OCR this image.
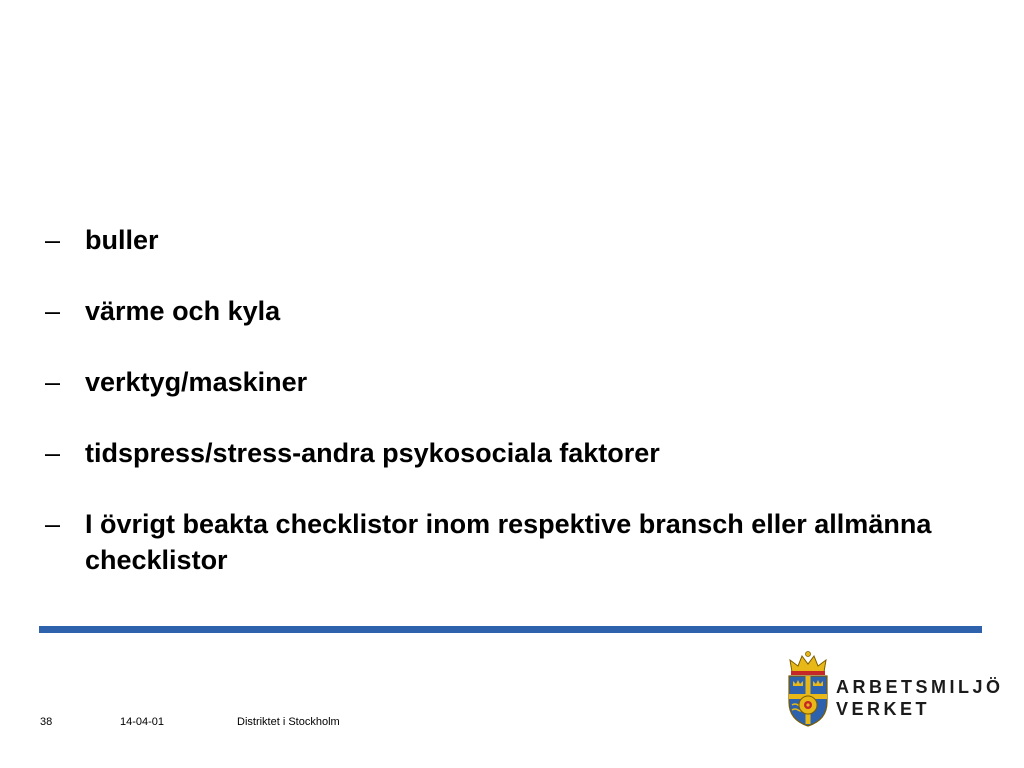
– buller
– värme och kyla
– verktyg/maskiner
– tidspress/stress-andra psykosociala faktorer
– I övrigt beakta checklistor inom respektive bransch eller allmänna checklistor
38	14-04-01	Distriktet i Stockholm
ARBETSMILJÖ
VERKET
